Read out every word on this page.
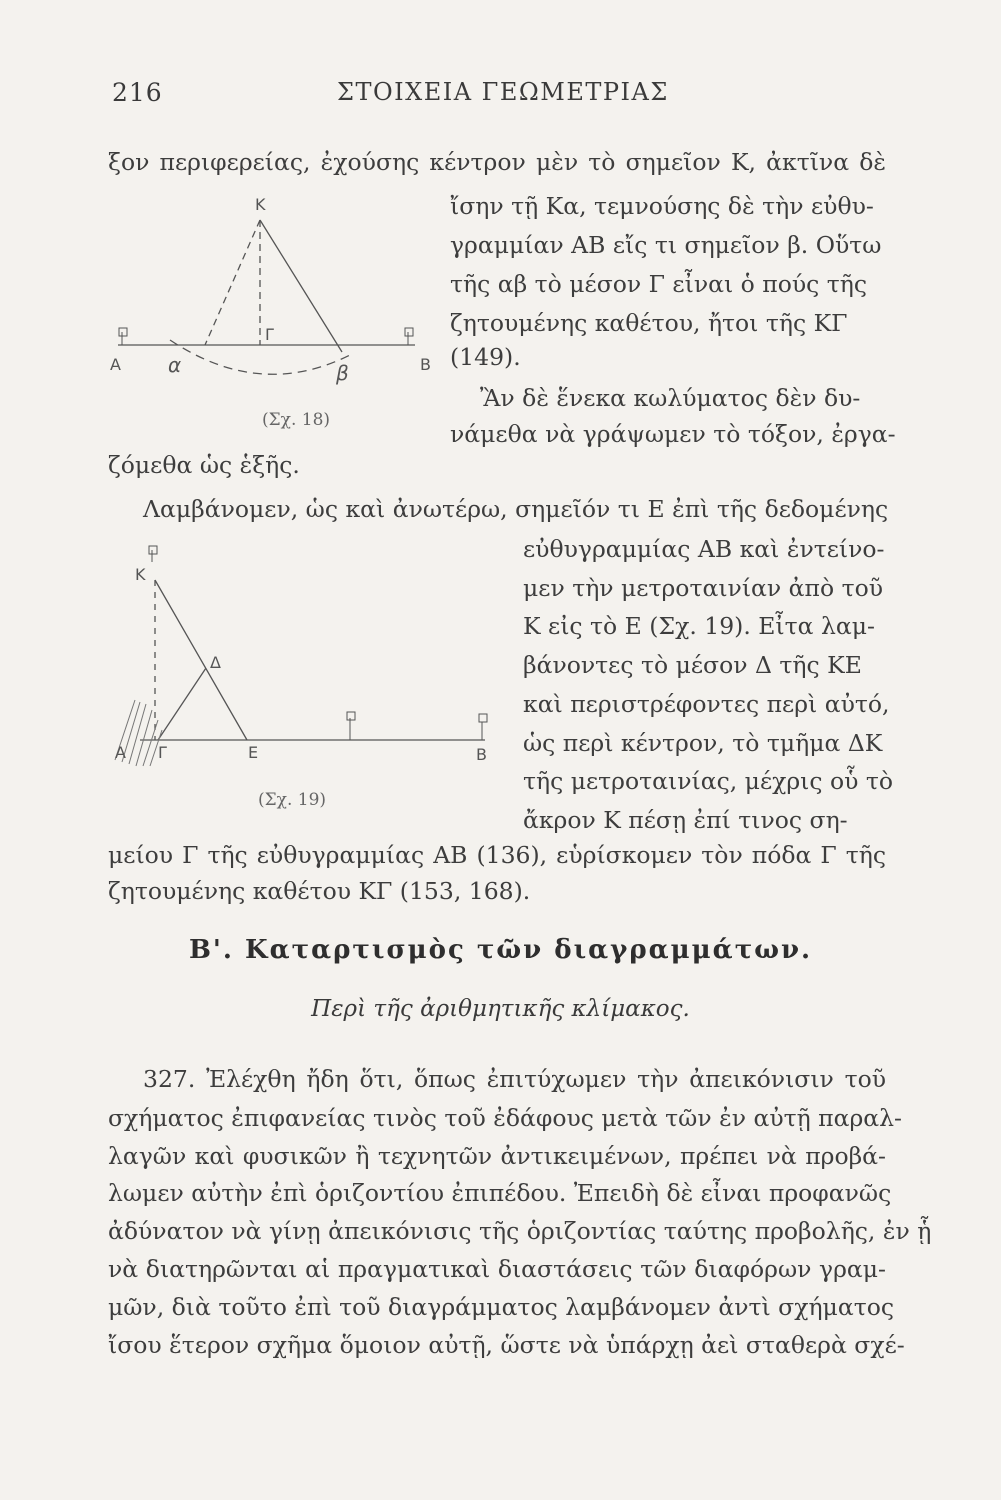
216	ΣΤΟΙΧΕΙΑ ΓΕΩΜΕΤΡΙΑΣ
ξον περιφερείας, ἐχούσης κέντρον μὲν τὸ σημεῖον Κ, ἀκτῖνα δὲ
ἴσην τῇ Κα, τεμνούσης δὲ τὴν εὐθυ-
γραμμίαν ΑΒ εἴς τι σημεῖον β. Οὕτω
τῆς αβ τὸ μέσον Γ εἶναι ὁ πούς τῆς
ζητουμένης καθέτου, ἤτοι τῆς ΚΓ
(149).
Ἂν δὲ ἕνεκα κωλύματος δὲν δυ-
νάμεθα νὰ γράψωμεν τὸ τόξον, ἐργα-
ζόμεθα ὡς ἑξῆς.
Κ
Γ
Α α	β	Β
(Σχ. 18)
Λαμβάνομεν, ὡς καὶ ἀνωτέρω, σημεῖόν τι Ε ἐπὶ τῆς δεδομένης
εὐθυγραμμίας ΑΒ καὶ ἐντείνο-
μεν τὴν μετροταινίαν ἀπὸ τοῦ
Κ εἰς τὸ Ε (Σχ. 19). Εἶτα λαμ-
βάνοντες τὸ μέσον Δ τῆς ΚΕ
καὶ περιστρέφοντες περὶ αὐτό,
ὡς περὶ κέντρον, τὸ τμῆμα ΔΚ
τῆς μετροταινίας, μέχρις οὗ τὸ
ἄκρον Κ πέσῃ ἐπί τινος ση-
μείου Γ τῆς εὐθυγραμμίας ΑΒ (136), εὑρίσκομεν τὸν πόδα Γ τῆς
ζητουμένης καθέτου ΚΓ (153, 168).
Κ
Δ
Α Γ	Ε	Β
(Σχ. 19)
Β'. Καταρτισμὸς τῶν διαγραμμάτων.
Περὶ τῆς ἀριθμητικῆς κλίμακος.
327. Ἐλέχθη ἤδη ὅτι, ὅπως ἐπιτύχωμεν τὴν ἀπεικόνισιν τοῦ
σχήματος ἐπιφανείας τινὸς τοῦ ἐδάφους μετὰ τῶν ἐν αὐτῇ παραλ-
λαγῶν καὶ φυσικῶν ἢ τεχνητῶν ἀντικειμένων, πρέπει νὰ προβά-
λωμεν αὐτὴν ἐπὶ ὁριζοντίου ἐπιπέδου. Ἐπειδὴ δὲ εἶναι προφανῶς
ἀδύνατον νὰ γίνῃ ἀπεικόνισις τῆς ὁριζοντίας ταύτης προβολῆς, ἐν ᾗ
νὰ διατηρῶνται αἱ πραγματικαὶ διαστάσεις τῶν διαφόρων γραμ-
μῶν, διὰ τοῦτο ἐπὶ τοῦ διαγράμματος λαμβάνομεν ἀντὶ σχήματος
ἴσου ἕτερον σχῆμα ὅμοιον αὐτῇ, ὥστε νὰ ὑπάρχῃ ἀεὶ σταθερὰ σχέ-
